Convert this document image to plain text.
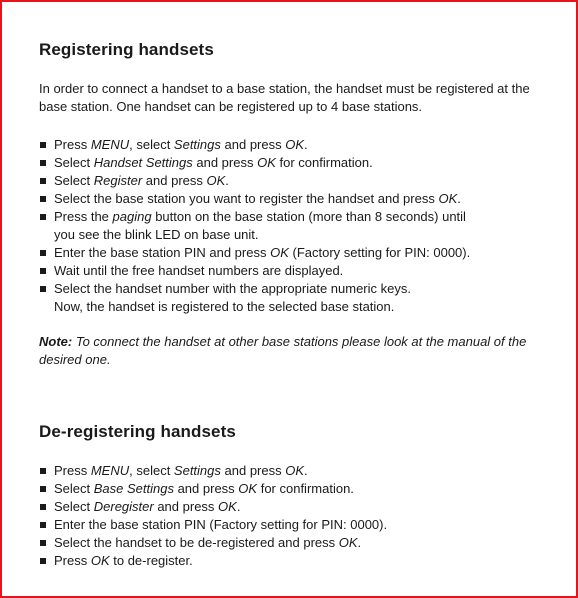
Registering handsets

In order to connect a handset to a base station, the handset must be registered at the base station. One handset can be registered up to 4 base stations.

Press MENU, select Settings and press OK.
Select Handset Settings and press OK for confirmation.
Select Register and press OK.
Select the base station you want to register the handset and press OK.
Press the paging button on the base station (more than 8 seconds) until
you see the blink LED on base unit.
Enter the base station PIN and press OK (Factory setting for PIN: 0000).
Wait until the free handset numbers are displayed.
Select the handset number with the appropriate numeric keys.
Now, the handset is registered to the selected base station.

Note: To connect the handset at other base stations please look at the manual of the desired one.

De-registering handsets
Press MENU, select Settings and press OK.
Select Base Settings and press OK for confirmation.
Select Deregister and press OK.
Enter the base station PIN (Factory setting for PIN: 0000).
Select the handset to be de-registered and press OK.
Press OK to de-register.
